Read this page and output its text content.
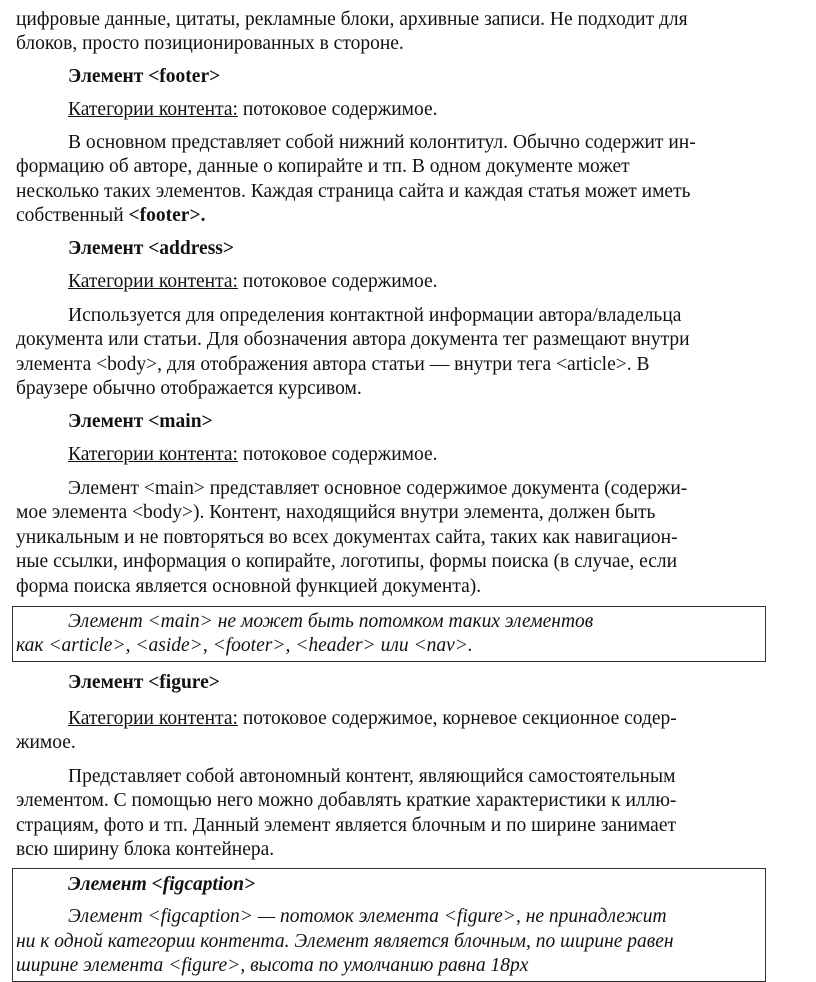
цифровые данные, цитаты, рекламные блоки, архивные записи. Не подходит для
блоков, просто позиционированных в стороне.
Элемент <footer>
Категории контента: потоковое содержимое.
В основном представляет собой нижний колонтитул. Обычно содержит ин-
формацию об авторе, данные о копирайте и тп. В одном документе может
несколько таких элементов. Каждая страница сайта и каждая статья может иметь
собственный <footer>.
Элемент <address>
Категории контента: потоковое содержимое.
Используется для определения контактной информации автора/владельца
документа или статьи. Для обозначения автора документа тег размещают внутри
элемента <body>, для отображения автора статьи — внутри тега <article>. В
браузере обычно отображается курсивом.
Элемент <main>
Категории контента: потоковое содержимое.
Элемент <main> представляет основное содержимое документа (содержи-
мое элемента <body>). Контент, находящийся внутри элемента, должен быть
уникальным и не повторяться во всех документах сайта, таких как навигацион-
ные ссылки, информация о копирайте, логотипы, формы поиска (в случае, если
форма поиска является основной функцией документа).
Элемент <main> не может быть потомком таких элементов
как <article>, <aside>, <footer>, <header> или <nav>.
Элемент <figure>
Категории контента: потоковое содержимое, корневое секционное содер-
жимое.
Представляет собой автономный контент, являющийся самостоятельным
элементом. С помощью него можно добавлять краткие характеристики к иллю-
страциям, фото и тп. Данный элемент является блочным и по ширине занимает
всю ширину блока контейнера.
Элемент <figcaption>
Элемент <figcaption> — потомок элемента <figure>, не принадлежит
ни к одной категории контента. Элемент является блочным, по ширине равен
ширине элемента <figure>, высота по умолчанию равна 18px
